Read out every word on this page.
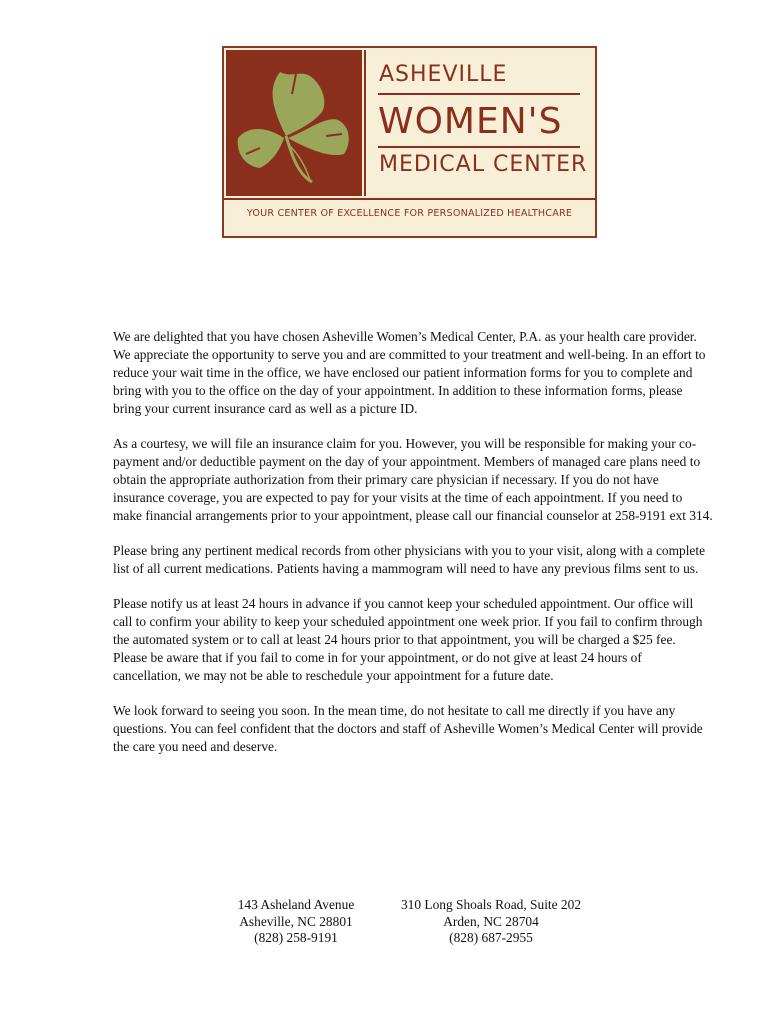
ASHEVILLE
WOMEN'S
MEDICAL CENTER
YOUR CENTER OF EXCELLENCE FOR PERSONALIZED HEALTHCARE

We are delighted that you have chosen Asheville Women’s Medical Center, P.A. as your health care provider. We appreciate the opportunity to serve you and are committed to your treatment and well-being. In an effort to reduce your wait time in the office, we have enclosed our patient information forms for you to complete and bring with you to the office on the day of your appointment. In addition to these information forms, please bring your current insurance card as well as a picture ID.

As a courtesy, we will file an insurance claim for you. However, you will be responsible for making your co-payment and/or deductible payment on the day of your appointment. Members of managed care plans need to obtain the appropriate authorization from their primary care physician if necessary. If you do not have insurance coverage, you are expected to pay for your visits at the time of each appointment. If you need to make financial arrangements prior to your appointment, please call our financial counselor at 258-9191 ext 314.

Please bring any pertinent medical records from other physicians with you to your visit, along with a complete list of all current medications. Patients having a mammogram will need to have any previous films sent to us.

Please notify us at least 24 hours in advance if you cannot keep your scheduled appointment. Our office will call to confirm your ability to keep your scheduled appointment one week prior. If you fail to confirm through the automated system or to call at least 24 hours prior to that appointment, you will be charged a $25 fee. Please be aware that if you fail to come in for your appointment, or do not give at least 24 hours of cancellation, we may not be able to reschedule your appointment for a future date.

We look forward to seeing you soon. In the mean time, do not hesitate to call me directly if you have any questions. You can feel confident that the doctors and staff of Asheville Women’s Medical Center will provide the care you need and deserve.

143 Asheland Avenue
Asheville, NC 28801
(828) 258-9191
310 Long Shoals Road, Suite 202
Arden, NC 28704
(828) 687-2955
